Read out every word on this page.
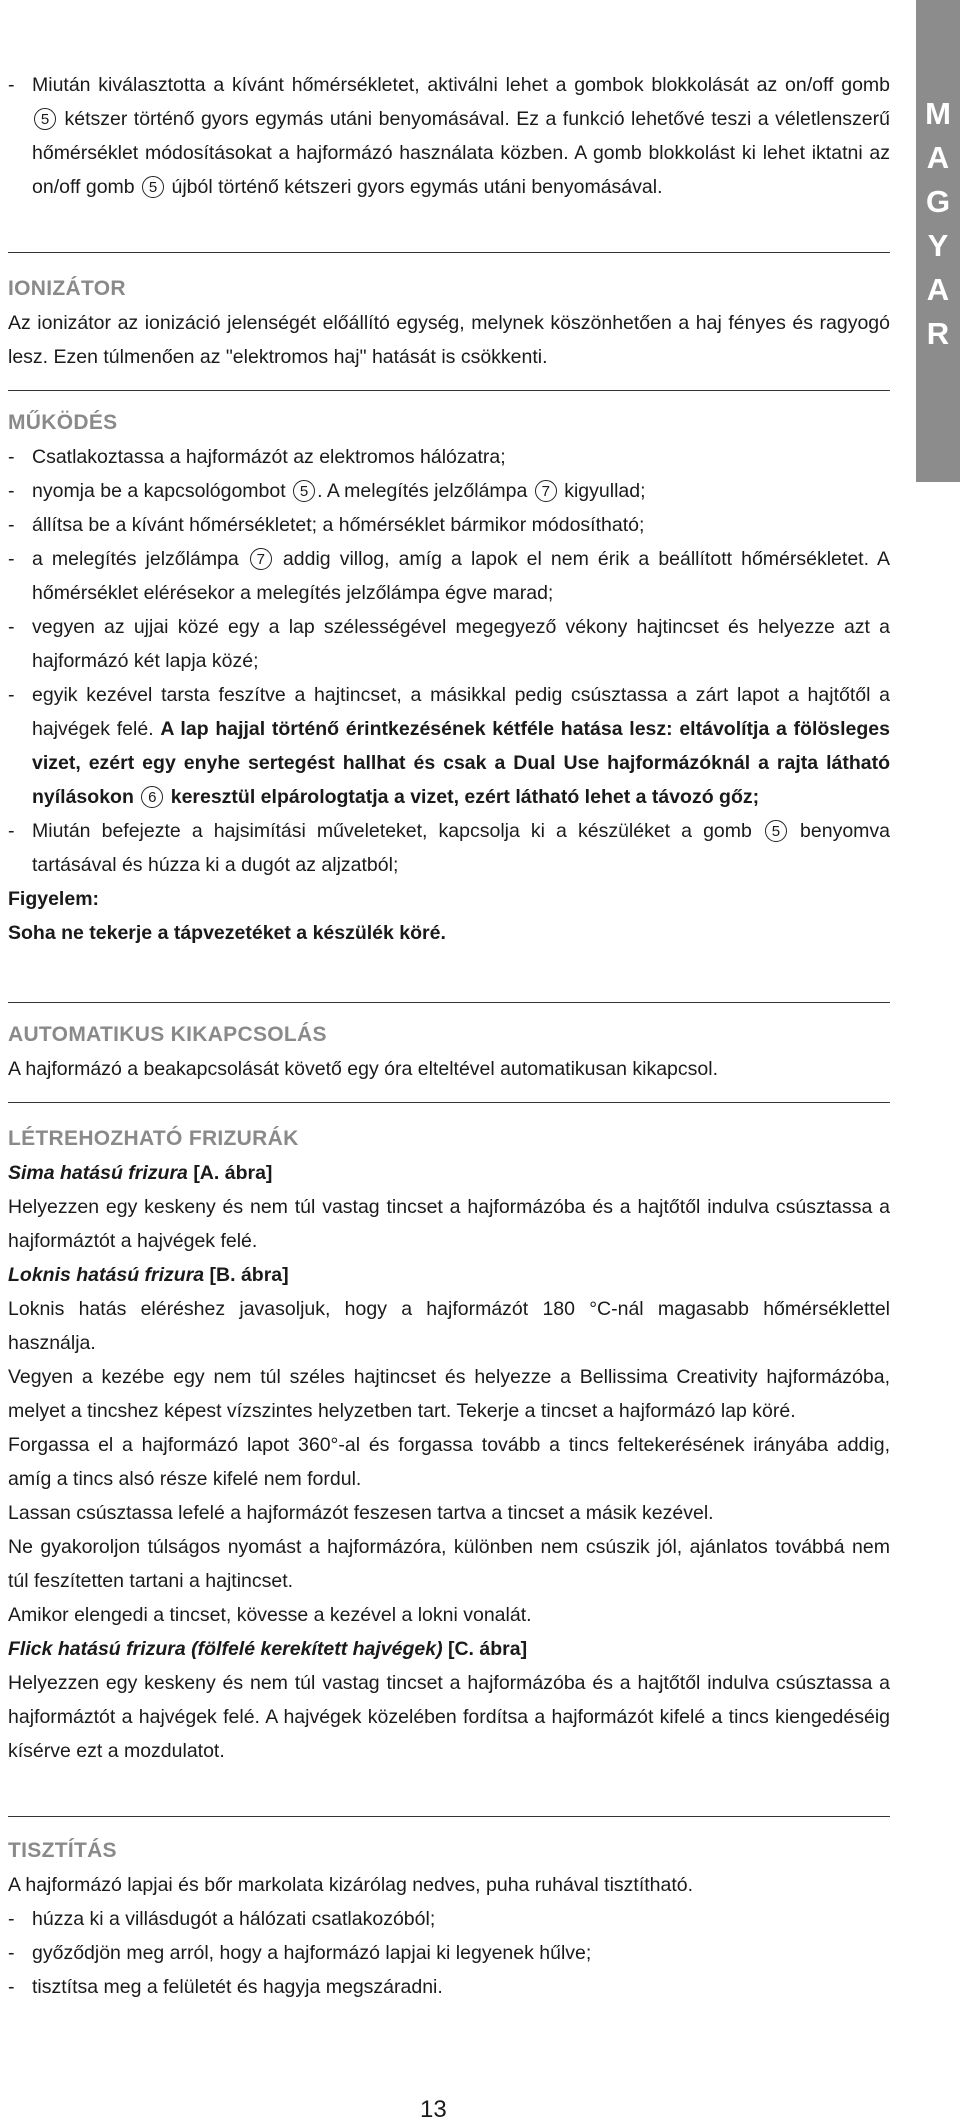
M
A
G
Y
A
R

- Miután kiválasztotta a kívánt hőmérsékletet, aktiválni lehet a gombok blokkolását az on/off gomb 5 kétszer történő gyors egymás utáni benyomásával. Ez a funkció lehetővé teszi a véletlenszerű hőmérséklet módosításokat a hajformázó használata közben. A gomb blokkolást ki lehet iktatni az on/off gomb 5 újból történő kétszeri gyors egymás utáni benyomásával.

IONIZÁTOR

Az ionizátor az ionizáció jelenségét előállító egység, melynek köszönhetően a haj fényes és ragyogó lesz. Ezen túlmenően az "elektromos haj" hatását is csökkenti.

MŰKÖDÉS

- Csatlakoztassa a hajformázót az elektromos hálózatra;

- nyomja be a kapcsológombot 5 . A melegítés jelzőlámpa 7 kigyullad;

- állítsa be a kívánt hőmérsékletet; a hőmérséklet bármikor módosítható;

- a melegítés jelzőlámpa 7 addig villog, amíg a lapok el nem érik a beállított hőmérsékletet. A hőmérséklet elérésekor a melegítés jelzőlámpa égve marad;

- vegyen az ujjai közé egy a lap szélességével megegyező vékony hajtincset és helyezze azt a hajformázó két lapja közé;

- egyik kezével tarsta feszítve a hajtincset, a másikkal pedig csúsztassa a zárt lapot a hajtőtől a hajvégek felé. A lap hajjal történő érintkezésének kétféle hatása lesz: eltávolítja a fölösleges vizet, ezért egy enyhe sertegést hallhat és csak a Dual Use hajformázóknál a rajta látható nyílásokon 6 keresztül elpárologtatja a vizet, ezért látható lehet a távozó gőz;

- Miután befejezte a hajsimítási műveleteket, kapcsolja ki a készüléket a gomb 5 benyomva tartásával és húzza ki a dugót az aljzatból;

Figyelem:

Soha ne tekerje a tápvezetéket a készülék köré.

AUTOMATIKUS KIKAPCSOLÁS

A hajformázó a beakapcsolását követő egy óra elteltével automatikusan kikapcsol.

LÉTREHOZHATÓ FRIZURÁK

Sima hatású frizura [A. ábra]

Helyezzen egy keskeny és nem túl vastag tincset a hajformázóba és a hajtőtől indulva csúsztassa a hajformáztót a hajvégek felé.

Loknis hatású frizura [B. ábra]

Loknis hatás eléréshez javasoljuk, hogy a hajformázót 180 °C-nál magasabb hőmérséklettel használja.

Vegyen a kezébe egy nem túl széles hajtincset és helyezze a Bellissima Creativity hajformázóba, melyet a tincshez képest vízszintes helyzetben tart. Tekerje a tincset a hajformázó lap köré.

Forgassa el a hajformázó lapot 360°-al és forgassa tovább a tincs feltekerésének irányába addig, amíg a tincs alsó része kifelé nem fordul.

Lassan csúsztassa lefelé a hajformázót feszesen tartva a tincset a másik kezével.

Ne gyakoroljon túlságos nyomást a hajformázóra, különben nem csúszik jól, ajánlatos továbbá nem túl feszítetten tartani a hajtincset.

Amikor elengedi a tincset, kövesse a kezével a lokni vonalát.

Flick hatású frizura (fölfelé kerekített hajvégek) [C. ábra]

Helyezzen egy keskeny és nem túl vastag tincset a hajformázóba és a hajtőtől indulva csúsztassa a hajformáztót a hajvégek felé. A hajvégek közelében fordítsa a hajformázót kifelé a tincs kiengedéséig kísérve ezt a mozdulatot.

TISZTÍTÁS

A hajformázó lapjai és bőr markolata kizárólag nedves, puha ruhával tisztítható.

- húzza ki a villásdugót a hálózati csatlakozóból;

- győződjön meg arról, hogy a hajformázó lapjai ki legyenek hűlve;

- tisztítsa meg a felületét és hagyja megszáradni.

13
